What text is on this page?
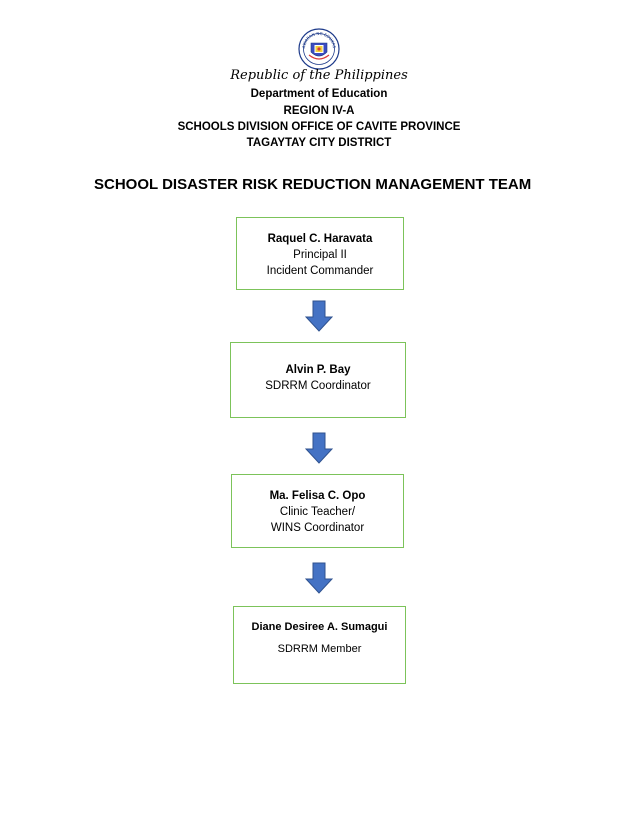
AWARAN NG EDUKAS
Republic of the Philippines
Department of Education
REGION IV-A
SCHOOLS DIVISION OFFICE OF CAVITE PROVINCE
TAGAYTAY CITY DISTRICT
SCHOOL DISASTER RISK REDUCTION MANAGEMENT TEAM
Raquel C. Haravata
Principal II
Incident Commander
Alvin P. Bay
SDRRM Coordinator
Ma. Felisa C. Opo
Clinic Teacher/
WINS Coordinator
Diane Desiree A. Sumagui
SDRRM Member
